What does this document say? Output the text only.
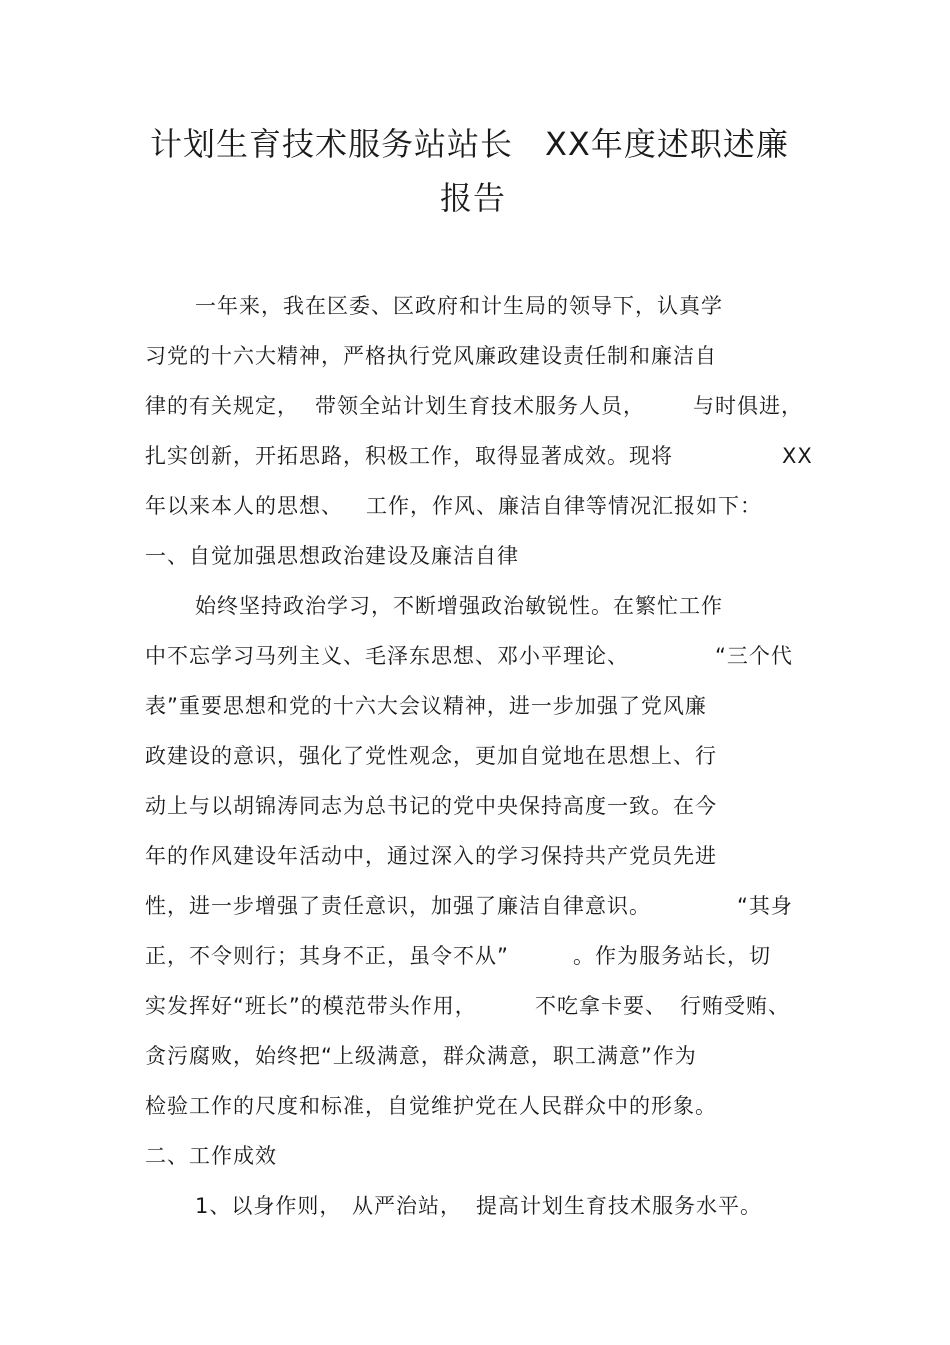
计划生育技术服务站站长 XX年度述职述廉
报告
一年来，我在区委、区政府和计生局的领导下，认真学
习党的十六大精神，严格执行党风廉政建设责任制和廉洁自
律的有关规定， 带领全站计划生育技术服务人员， 与时俱进，
扎实创新，开拓思路，积极工作，取得显著成效。现将	XX
年以来本人的思想、 工作，作风、廉洁自律等情况汇报如下：
一、自觉加强思想政治建设及廉洁自律
始终坚持政治学习，不断增强政治敏锐性。在繁忙工作
中不忘学习马列主义、毛泽东思想、邓小平理论、	“三个代
表”重要思想和党的十六大会议精神，进一步加强了党风廉
政建设的意识，强化了党性观念，更加自觉地在思想上、行
动上与以胡锦涛同志为总书记的党中央保持高度一致。在今
年的作风建设年活动中，通过深入的学习保持共产党员先进
性，进一步增强了责任意识，加强了廉洁自律意识。	“其身
正，不令则行；其身不正，虽令不从”	。作为服务站长，切
实发挥好“班长”的模范带头作用，	不吃拿卡要、 行贿受贿、
贪污腐败，始终把“上级满意，群众满意，职工满意”作为
检验工作的尺度和标准，自觉维护党在人民群众中的形象。
二、工作成效
1、以身作则， 从严治站， 提高计划生育技术服务水平。
